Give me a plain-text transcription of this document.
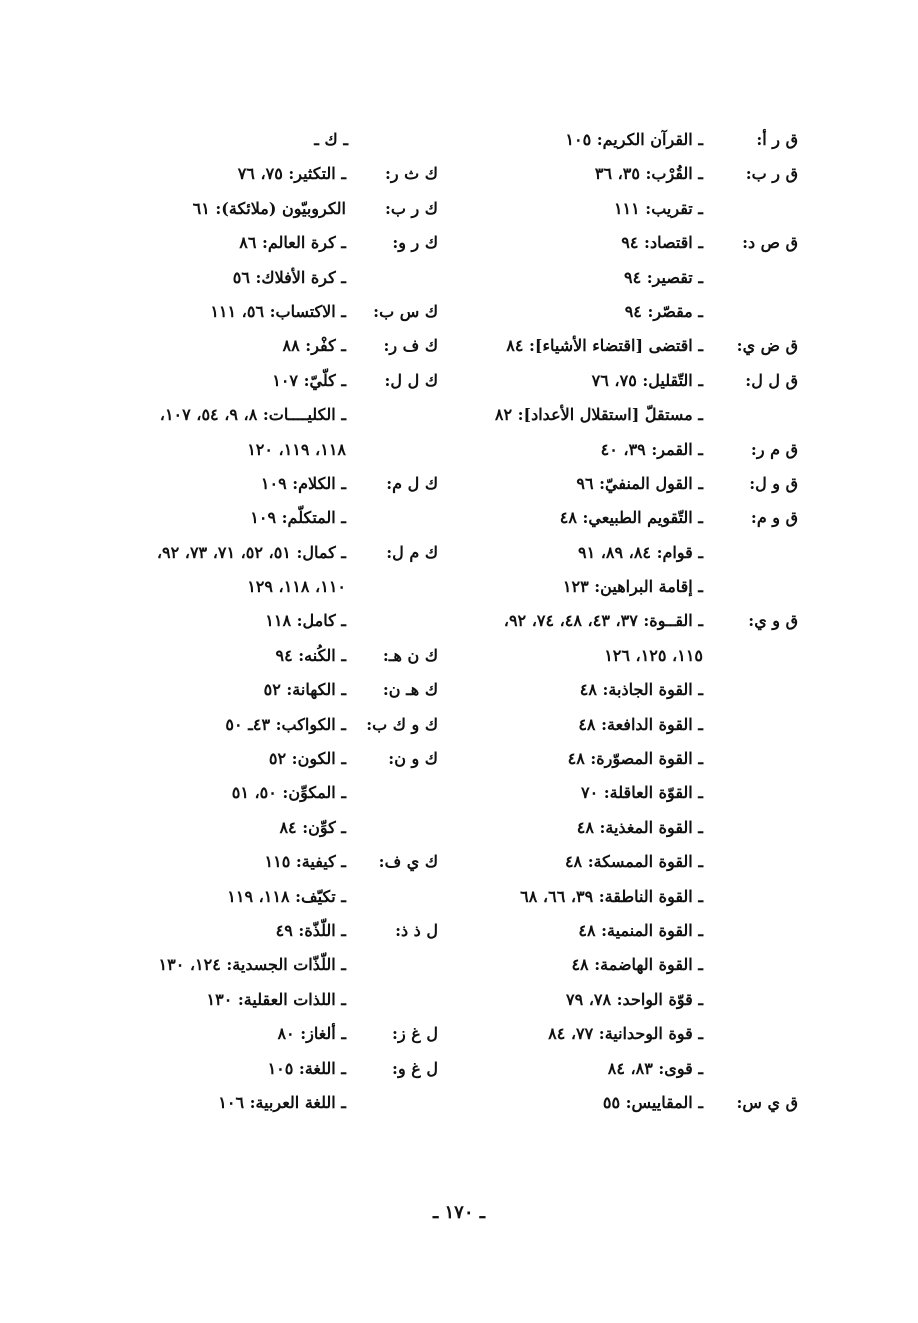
ق ر أ:
ـ القرآن الكريم: ١٠٥
ق ر ب:
ـ القُرْب: ٣٥، ٣٦
ـ تقريب: ١١١
ق ص د:
ـ اقتصاد: ٩٤
ـ تقصير: ٩٤
ـ مقصّر: ٩٤
ق ض ي:
ـ اقتضى [اقتضاء الأشياء]: ٨٤
ق ل ل:
ـ التّقليل: ٧٥، ٧٦
ـ مستقلّ [استقلال الأعداد]: ٨٢
ق م ر:
ـ القمر: ٣٩، ٤٠
ق و ل:
ـ القول المنفيّ: ٩٦
ق و م:
ـ التّقويم الطبيعي: ٤٨
ـ قوام: ٨٤، ٨٩، ٩١
ـ إقامة البراهين: ١٢٣
ق و ي:
ـ القــوة: ٣٧، ٤٣، ٤٨، ٧٤، ٩٢،
١١٥، ١٢٥، ١٢٦
ـ القوة الجاذبة: ٤٨
ـ القوة الدافعة: ٤٨
ـ القوة المصوّرة: ٤٨
ـ القوّة العاقلة: ٧٠
ـ القوة المغذية: ٤٨
ـ القوة الممسكة: ٤٨
ـ القوة الناطقة: ٣٩، ٦٦، ٦٨
ـ القوة المنمية: ٤٨
ـ القوة الهاضمة: ٤٨
ـ قوّة الواحد: ٧٨، ٧٩
ـ قوة الوحدانية: ٧٧، ٨٤
ـ قوى: ٨٣، ٨٤
ق ي س:
ـ المقاييس: ٥٥
ـ ك ـ
ك ث ر:
ـ التكثير: ٧٥، ٧٦
ك ر ب:
الكروبيّون (ملائكة): ٦١
ك ر و:
ـ كرة العالم: ٨٦
ـ كرة الأفلاك: ٥٦
ك س ب:
ـ الاكتساب: ٥٦، ١١١
ك ف ر:
ـ كفْر: ٨٨
ك ل ل:
ـ كلّيّ: ١٠٧
ـ الكليــــات: ٨، ٩، ٥٤، ١٠٧،
١١٨، ١١٩، ١٢٠
ك ل م:
ـ الكلام: ١٠٩
ـ المتكلّم: ١٠٩
ك م ل:
ـ كمال: ٥١، ٥٢، ٧١، ٧٣، ٩٢،
١١٠، ١١٨، ١٢٩
ـ كامل: ١١٨
ك ن هـ:
ـ الكُنه: ٩٤
ك هـ ن:
ـ الكهانة: ٥٢
ك و ك ب:
ـ الكواكب: ٤٣ـ ٥٠
ك و ن:
ـ الكون: ٥٢
ـ المكوِّن: ٥٠، ٥١
ـ كوِّن: ٨٤
ك ي ف:
ـ كيفية: ١١٥
ـ تكيّف: ١١٨، ١١٩
ل ذ ذ:
ـ اللّذّة: ٤٩
ـ اللّذّات الجسدية: ١٢٤، ١٣٠
ـ اللذات العقلية: ١٣٠
ل غ ز:
ـ ألغاز: ٨٠
ل غ و:
ـ اللغة: ١٠٥
ـ اللغة العربية: ١٠٦
ـ ١٧٠ ـ
